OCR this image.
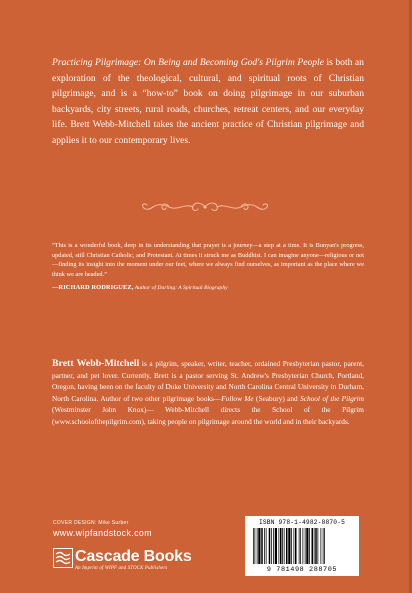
Practicing Pilgrimage: On Being and Becoming God's Pilgrim People is both an exploration of the theological, cultural, and spiritual roots of Christian pilgrimage, and is a “how-to” book on doing pilgrimage in our suburban backyards, city streets, rural roads, churches, retreat centers, and our everyday life. Brett Webb-Mitchell takes the ancient practice of Christian pilgrimage and applies it to our contemporary lives.

“This is a wonderful book, deep in its understanding that prayer is a journey—a step at a time. It is Bunyan's progress, updated, still Christian Catholic, and Protestant. At times it struck me as Buddhist. I can imagine anyone—religious or not—finding its insight into the moment under our feet, where we always find ourselves, as important as the place where we think we are headed.”

—RICHARD RODRIGUEZ, Author of Darling: A Spiritual Biography

Brett Webb-Mitchell is a pilgrim, speaker, writer, teacher, ordained Presbyterian pastor, parent, partner, and pet lover. Currently, Brett is a pastor serving St. Andrew's Presbyterian Church, Portland, Oregon, having been on the faculty of Duke University and North Carolina Central University in Durham, North Carolina. Author of two other pilgrimage books—Follow Me (Seabury) and School of the Pilgrim (Westminster John Knox)— Webb-Mitchell directs the School of the Pilgrim (www.schoolofthepilgrim.com), taking people on pilgrimage around the world and in their backyards.

COVER DESIGN: Mike Surber
www.wipfandstock.com
Cascade Books
An Imprint of WIPF and STOCK Publishers
ISBN 978-1-4982-8870-5
9 781498 288705
